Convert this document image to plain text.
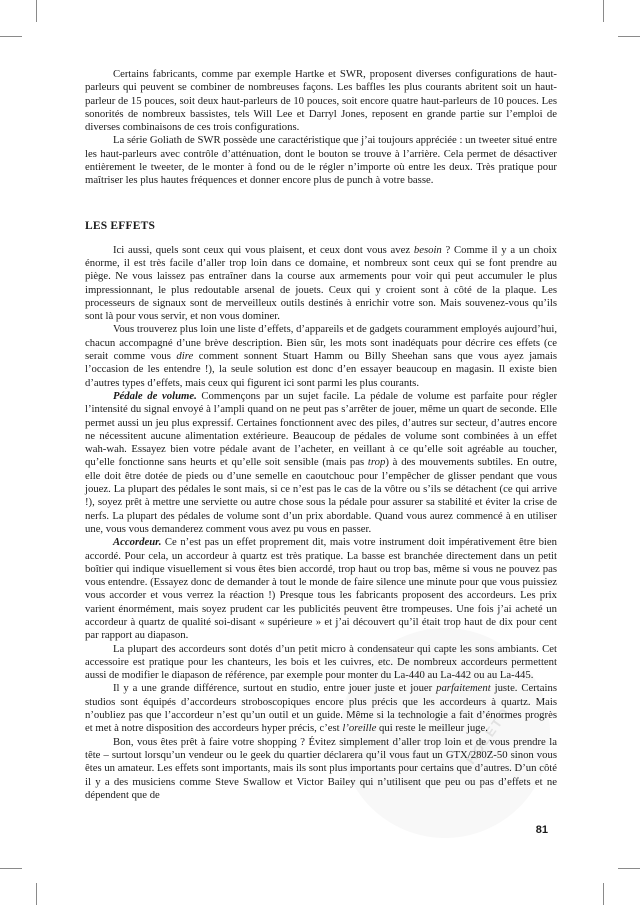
HOLETO

Certains fabricants, comme par exemple Hartke et SWR, proposent diverses configurations de haut-parleurs qui peuvent se combiner de nombreuses façons. Les baffles les plus courants abritent soit un haut-parleur de 15 pouces, soit deux haut-parleurs de 10 pouces, soit encore quatre haut-parleurs de 10 pouces. Les sonorités de nombreux bassistes, tels Will Lee et Darryl Jones, reposent en grande partie sur l’emploi de diverses combinaisons de ces trois configurations.

La série Goliath de SWR possède une caractéristique que j’ai toujours appréciée : un tweeter situé entre les haut-parleurs avec contrôle d’atténuation, dont le bouton se trouve à l’arrière. Cela permet de désactiver entièrement le tweeter, de le monter à fond ou de le régler n’importe où entre les deux. Très pratique pour maîtriser les plus hautes fréquences et donner encore plus de punch à votre basse.

LES EFFETS

Ici aussi, quels sont ceux qui vous plaisent, et ceux dont vous avez besoin ? Comme il y a un choix énorme, il est très facile d’aller trop loin dans ce domaine, et nombreux sont ceux qui se font prendre au piège. Ne vous laissez pas entraîner dans la course aux armements pour voir qui peut accumuler le plus impressionnant, le plus redoutable arsenal de jouets. Ceux qui y croient sont à côté de la plaque. Les processeurs de signaux sont de merveilleux outils destinés à enrichir votre son. Mais souvenez-vous qu’ils sont là pour vous servir, et non vous dominer.

Vous trouverez plus loin une liste d’effets, d’appareils et de gadgets couramment employés aujourd’hui, chacun accompagné d’une brève description. Bien sûr, les mots sont inadéquats pour décrire ces effets (ce serait comme vous dire comment sonnent Stuart Hamm ou Billy Sheehan sans que vous ayez jamais l’occasion de les entendre !), la seule solution est donc d’en essayer beaucoup en magasin. Il existe bien d’autres types d’effets, mais ceux qui figurent ici sont parmi les plus courants.

Pédale de volume. Commençons par un sujet facile. La pédale de volume est parfaite pour régler l’intensité du signal envoyé à l’ampli quand on ne peut pas s’arrêter de jouer, même un quart de seconde. Elle permet aussi un jeu plus expressif. Certaines fonctionnent avec des piles, d’autres sur secteur, d’autres encore ne nécessitent aucune alimentation extérieure. Beaucoup de pédales de volume sont combinées à un effet wah-wah. Essayez bien votre pédale avant de l’acheter, en veillant à ce qu’elle soit agréable au toucher, qu’elle fonctionne sans heurts et qu’elle soit sensible (mais pas trop) à des mouvements subtiles. En outre, elle doit être dotée de pieds ou d’une semelle en caoutchouc pour l’empêcher de glisser pendant que vous jouez. La plupart des pédales le sont mais, si ce n’est pas le cas de la vôtre ou s’ils se détachent (ce qui arrive !), soyez prêt à mettre une serviette ou autre chose sous la pédale pour assurer sa stabilité et éviter la crise de nerfs. La plupart des pédales de volume sont d’un prix abordable. Quand vous aurez commencé à en utiliser une, vous vous demanderez comment vous avez pu vous en passer.

Accordeur. Ce n’est pas un effet proprement dit, mais votre instrument doit impérativement être bien accordé. Pour cela, un accordeur à quartz est très pratique. La basse est branchée directement dans un petit boîtier qui indique visuellement si vous êtes bien accordé, trop haut ou trop bas, même si vous ne pouvez pas vous entendre. (Essayez donc de demander à tout le monde de faire silence une minute pour que vous puissiez vous accorder et vous verrez la réaction !) Presque tous les fabricants proposent des accordeurs. Les prix varient énormément, mais soyez prudent car les publicités peuvent être trompeuses. Une fois j’ai acheté un accordeur à quartz de qualité soi-disant « supérieure » et j’ai découvert qu’il était trop haut de dix pour cent par rapport au diapason.

La plupart des accordeurs sont dotés d’un petit micro à condensateur qui capte les sons ambiants. Cet accessoire est pratique pour les chanteurs, les bois et les cuivres, etc. De nombreux accordeurs permettent aussi de modifier le diapason de référence, par exemple pour monter du La-440 au La-442 ou au La-445.

Il y a une grande différence, surtout en studio, entre jouer juste et jouer parfaitement juste. Certains studios sont équipés d’accordeurs stroboscopiques encore plus précis que les accordeurs à quartz. Mais n’oubliez pas que l’accordeur n’est qu’un outil et un guide. Même si la technologie a fait d’énormes progrès et met à notre disposition des accordeurs hyper précis, c’est l’oreille qui reste le meilleur juge.

Bon, vous êtes prêt à faire votre shopping ? Évitez simplement d’aller trop loin et de vous prendre la tête – surtout lorsqu’un vendeur ou le geek du quartier déclarera qu’il vous faut un GTX/280Z-50 sinon vous êtes un amateur. Les effets sont importants, mais ils sont plus importants pour certains que d’autres. D’un côté il y a des musiciens comme Steve Swallow et Victor Bailey qui n’utilisent que peu ou pas d’effets et ne dépendent que de

81
